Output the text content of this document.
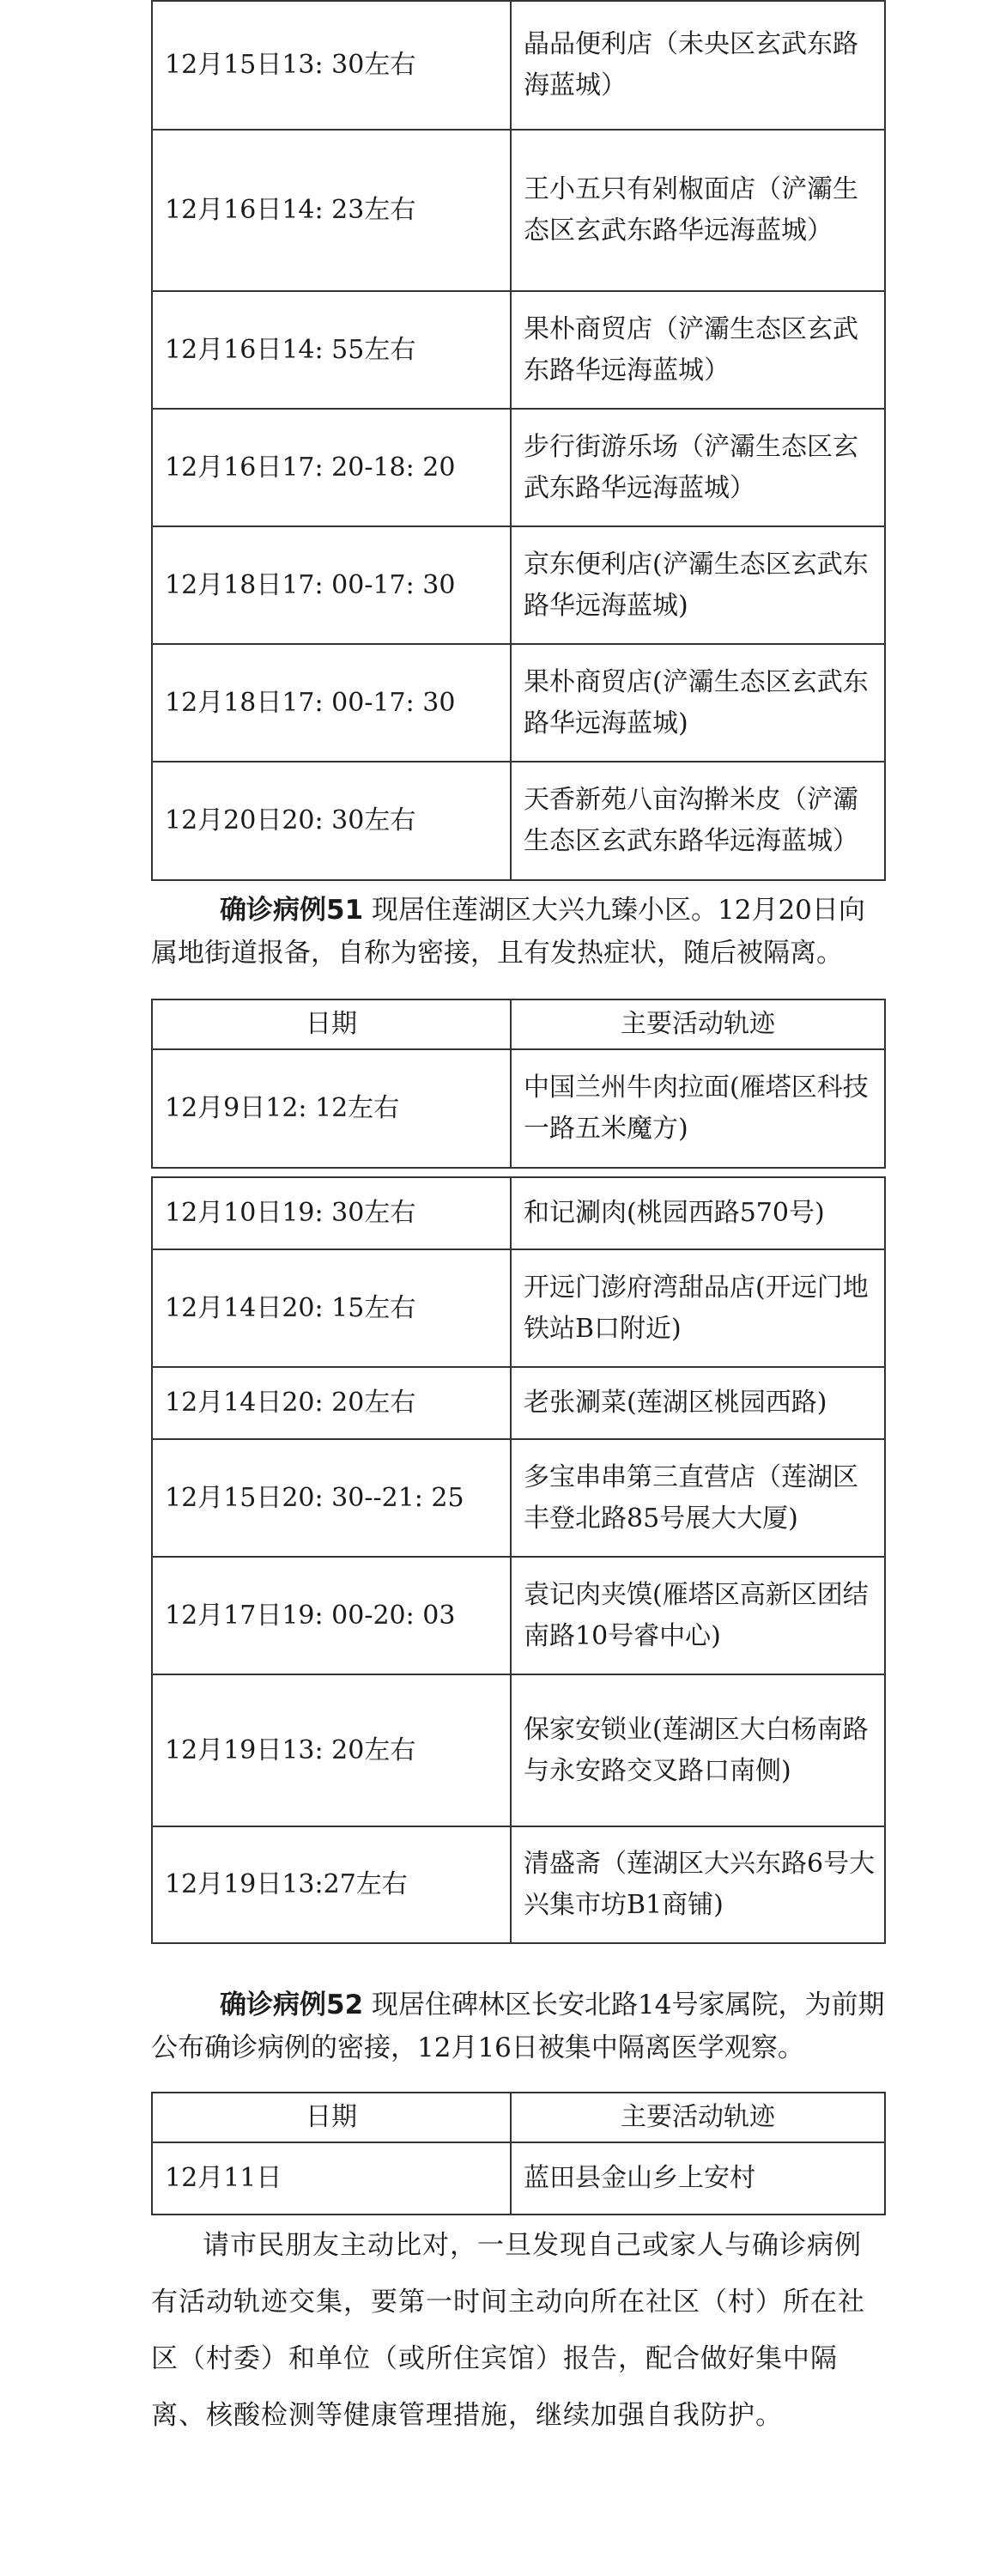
12月15日13: 30左右	晶品便利店（未央区玄武东路海蓝城）
12月16日14: 23左右	王小五只有剁椒面店（浐灞生态区玄武东路华远海蓝城）
12月16日14: 55左右	果朴商贸店（浐灞生态区玄武东路华远海蓝城）
12月16日17: 20-18: 20	步行街游乐场（浐灞生态区玄武东路华远海蓝城）
12月18日17: 00-17: 30	京东便利店(浐灞生态区玄武东路华远海蓝城)
12月18日17: 00-17: 30	果朴商贸店(浐灞生态区玄武东路华远海蓝城)
12月20日20: 30左右	天香新苑八亩沟擀米皮（浐灞生态区玄武东路华远海蓝城）

确诊病例51 现居住莲湖区大兴九臻小区。12月20日向属地街道报备，自称为密接，且有发热症状，随后被隔离。

日期	主要活动轨迹
12月9日12: 12左右	中国兰州牛肉拉面(雁塔区科技一路五米魔方)
12月10日19: 30左右	和记涮肉(桃园西路570号)
12月14日20: 15左右	开远门澎府湾甜品店(开远门地铁站B口附近)
12月14日20: 20左右	老张涮菜(莲湖区桃园西路)
12月15日20: 30--21: 25	多宝串串第三直营店（莲湖区丰登北路85号展大大厦)
12月17日19: 00-20: 03	袁记肉夹馍(雁塔区高新区团结南路10号睿中心)
12月19日13: 20左右	保家安锁业(莲湖区大白杨南路与永安路交叉路口南侧)
12月19日13:27左右	清盛斋（莲湖区大兴东路6号大兴集市坊B1商铺)

确诊病例52 现居住碑林区长安北路14号家属院，为前期公布确诊病例的密接，12月16日被集中隔离医学观察。

日期	主要活动轨迹
12月11日	蓝田县金山乡上安村

请市民朋友主动比对，一旦发现自己或家人与确诊病例有活动轨迹交集，要第一时间主动向所在社区（村）所在社区（村委）和单位（或所住宾馆）报告，配合做好集中隔离、核酸检测等健康管理措施，继续加强自我防护。
